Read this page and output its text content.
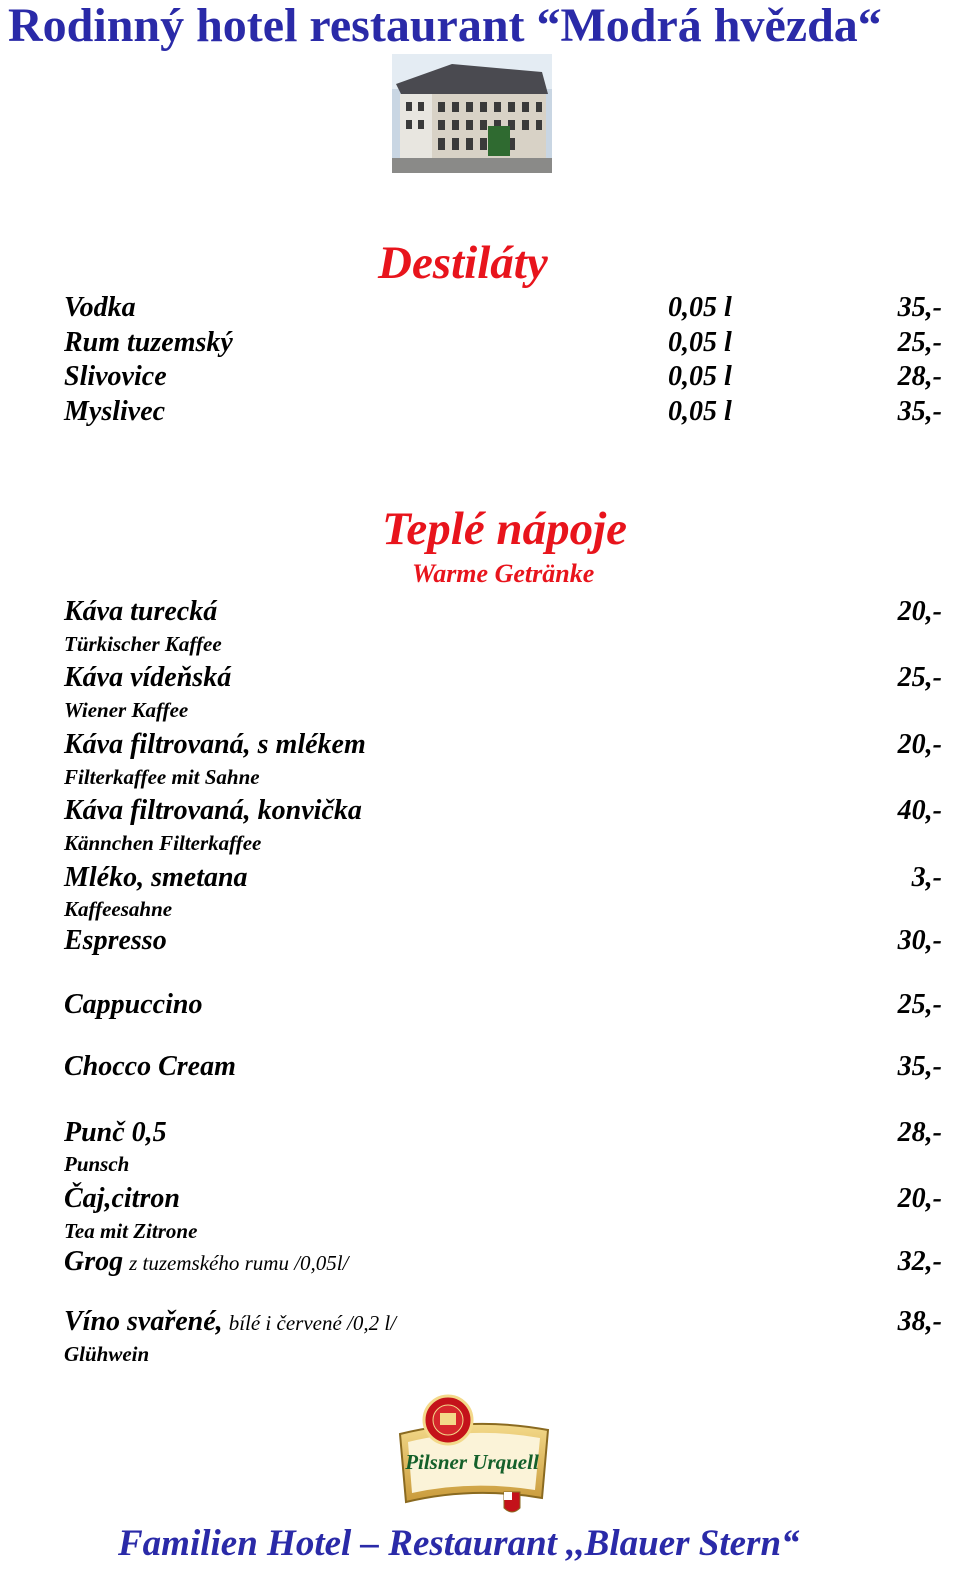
Rodinný hotel restaurant “Modrá hvězda“
Destiláty
Vodka	0,05 l	35,-
Rum tuzemský	0,05 l	25,-
Slivovice	0,05 l	28,-
Myslivec	0,05 l	35,-
Teplé nápoje
Warme Getränke
Káva turecká	20,-
Türkischer Kaffee
Káva vídeňská	25,-
Wiener Kaffee
Káva filtrovaná, s mlékem	20,-
Filterkaffee mit Sahne
Káva filtrovaná, konvička	40,-
Kännchen Filterkaffee
Mléko, smetana	3,-
Kaffeesahne
Espresso	30,-
Cappuccino	25,-
Chocco Cream	35,-
Punč 0,5	28,-
Punsch
Čaj,citron	20,-
Tea mit Zitrone
Grog z tuzemského rumu /0,05l/	32,-
Víno svařené, bílé i červené /0,2 l/	38,-
Glühwein
Pilsner Urquell
Familien Hotel – Restaurant ,,Blauer Stern“
